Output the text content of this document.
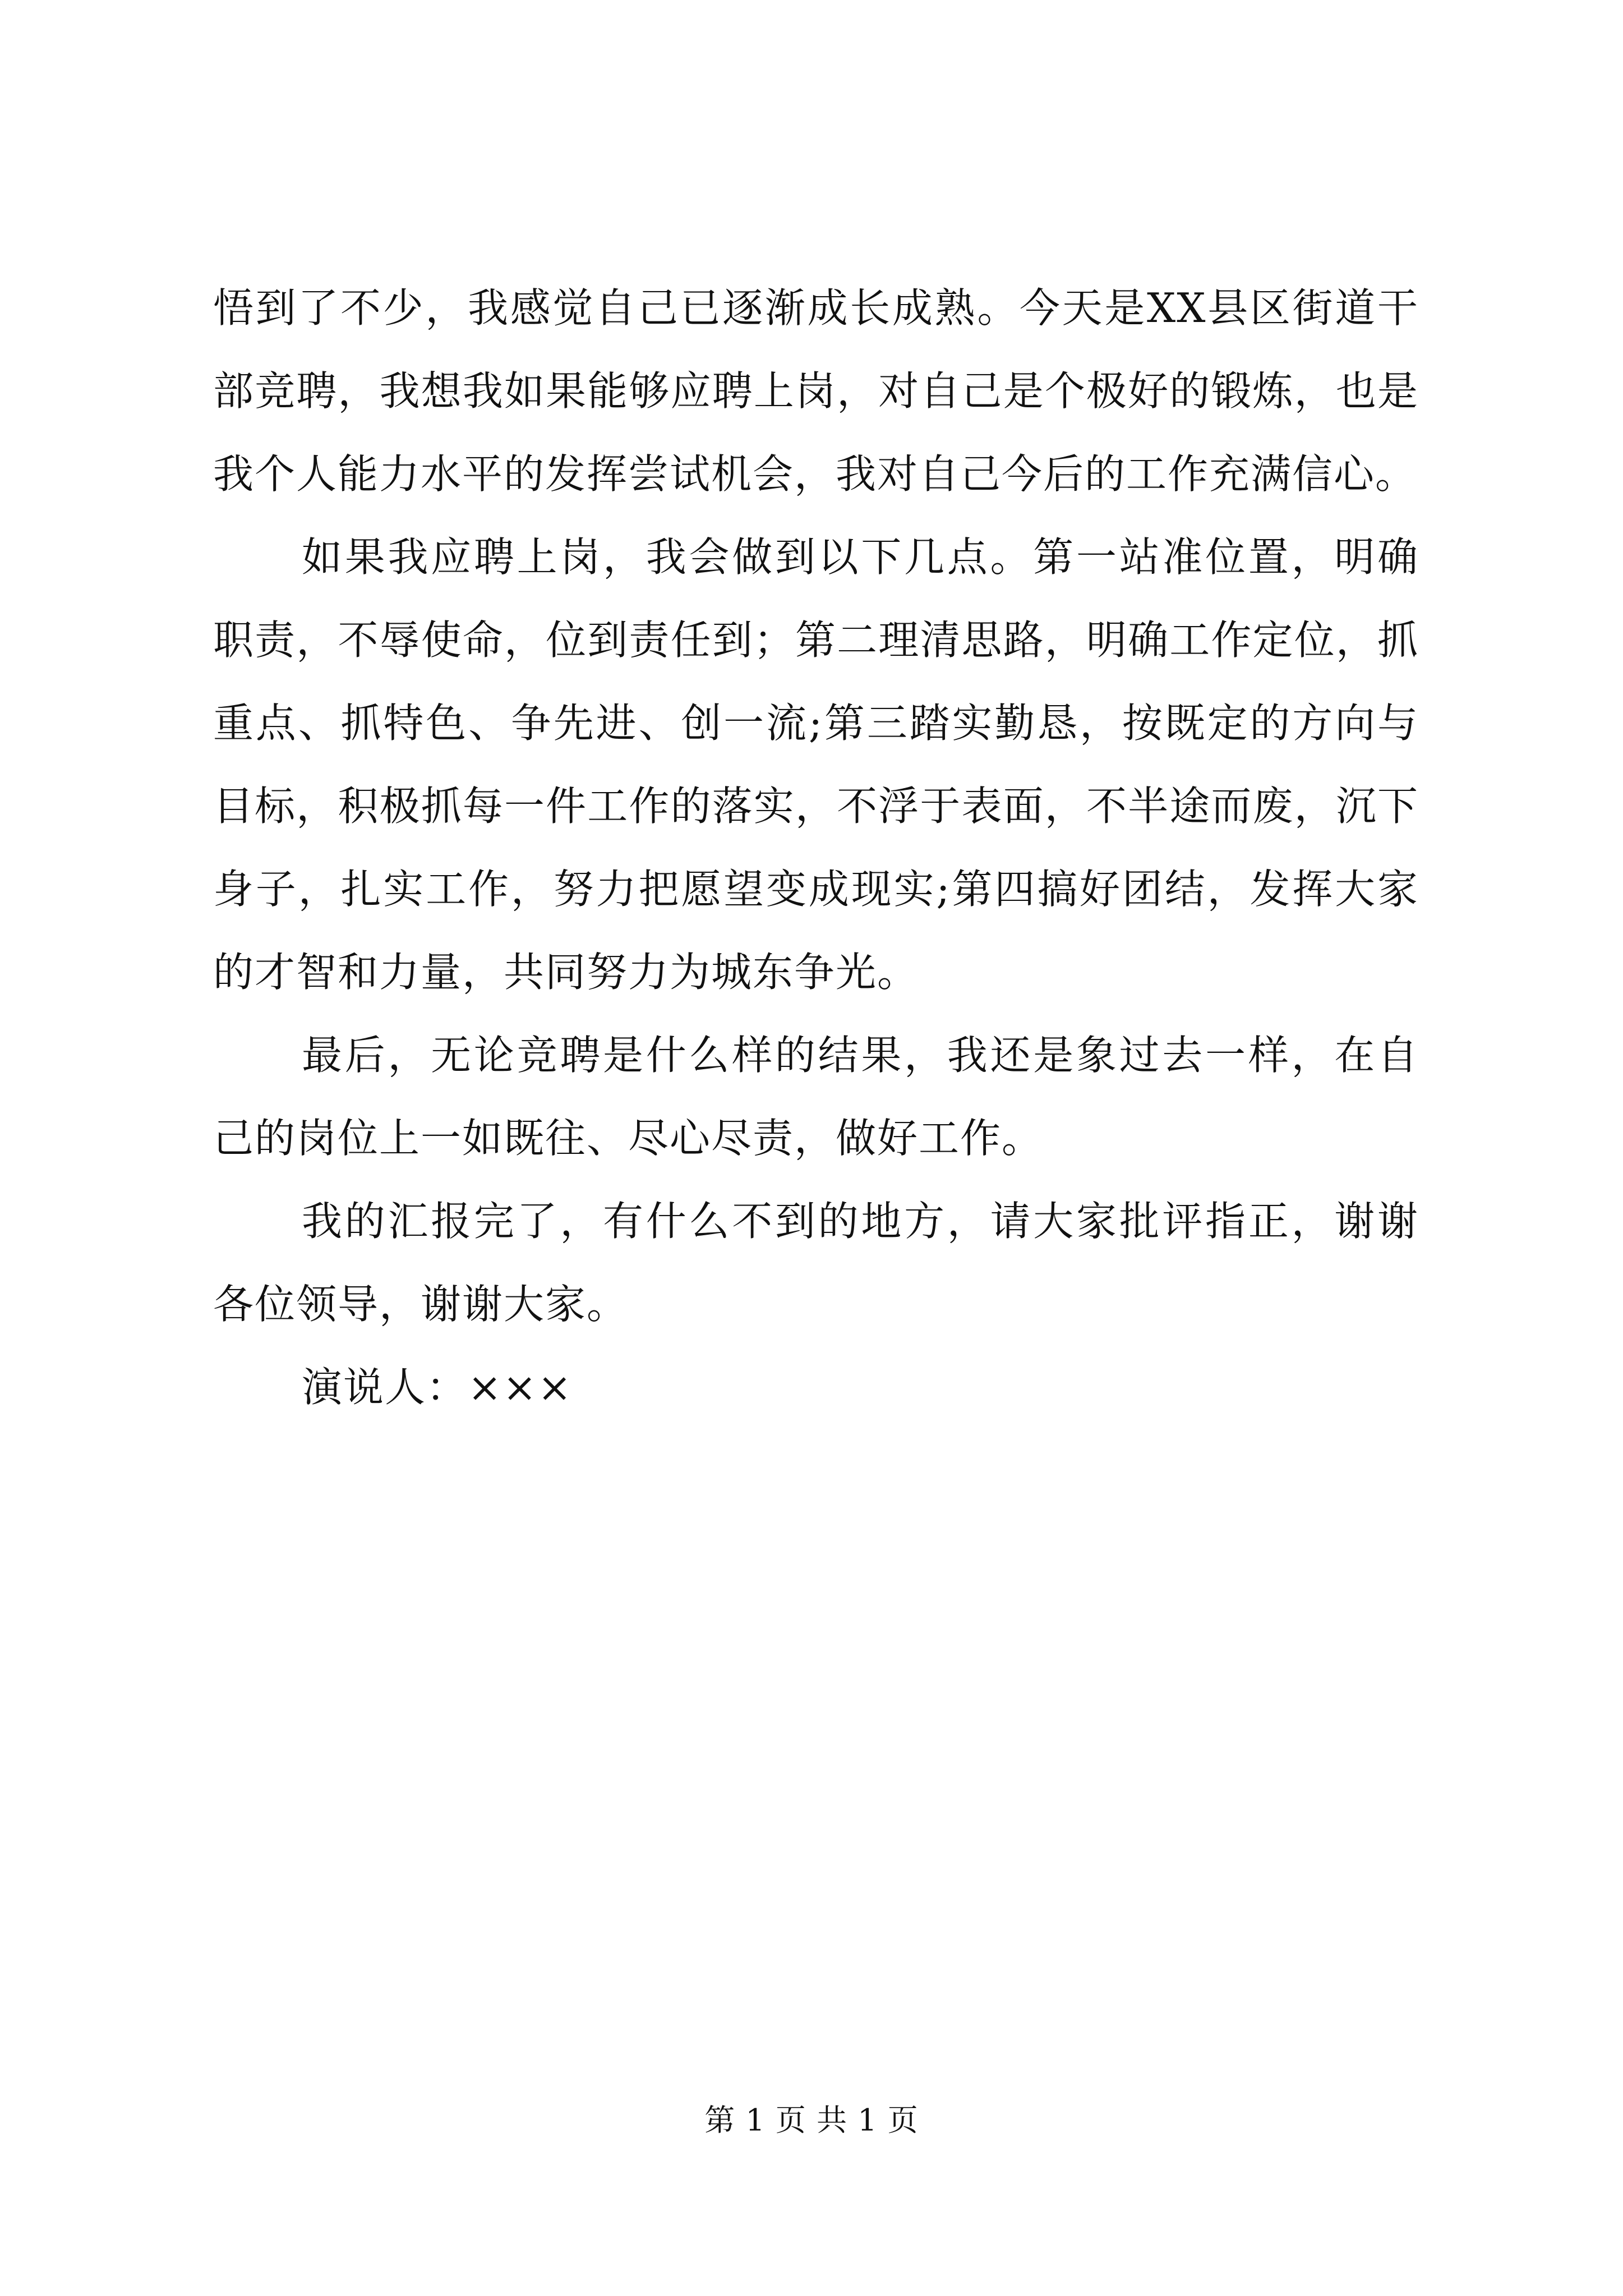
悟到了不少，我感觉自己已逐渐成长成熟。今天是XX县区街道干部竞聘，我想我如果能够应聘上岗，对自己是个极好的锻炼，也是我个人能力水平的发挥尝试机会，我对自己今后的工作充满信心。

如果我应聘上岗，我会做到以下几点。第一站准位置，明确职责，不辱使命，位到责任到；第二理清思路，明确工作定位，抓重点、抓特色、争先进、创一流;第三踏实勤恳，按既定的方向与目标，积极抓每一件工作的落实，不浮于表面，不半途而废，沉下身子，扎实工作，努力把愿望变成现实;第四搞好团结，发挥大家的才智和力量，共同努力为城东争光。

最后，无论竞聘是什么样的结果，我还是象过去一样，在自己的岗位上一如既往、尽心尽责，做好工作。

我的汇报完了，有什么不到的地方，请大家批评指正，谢谢各位领导，谢谢大家。

演说人：×××

第 1 页 共 1 页
